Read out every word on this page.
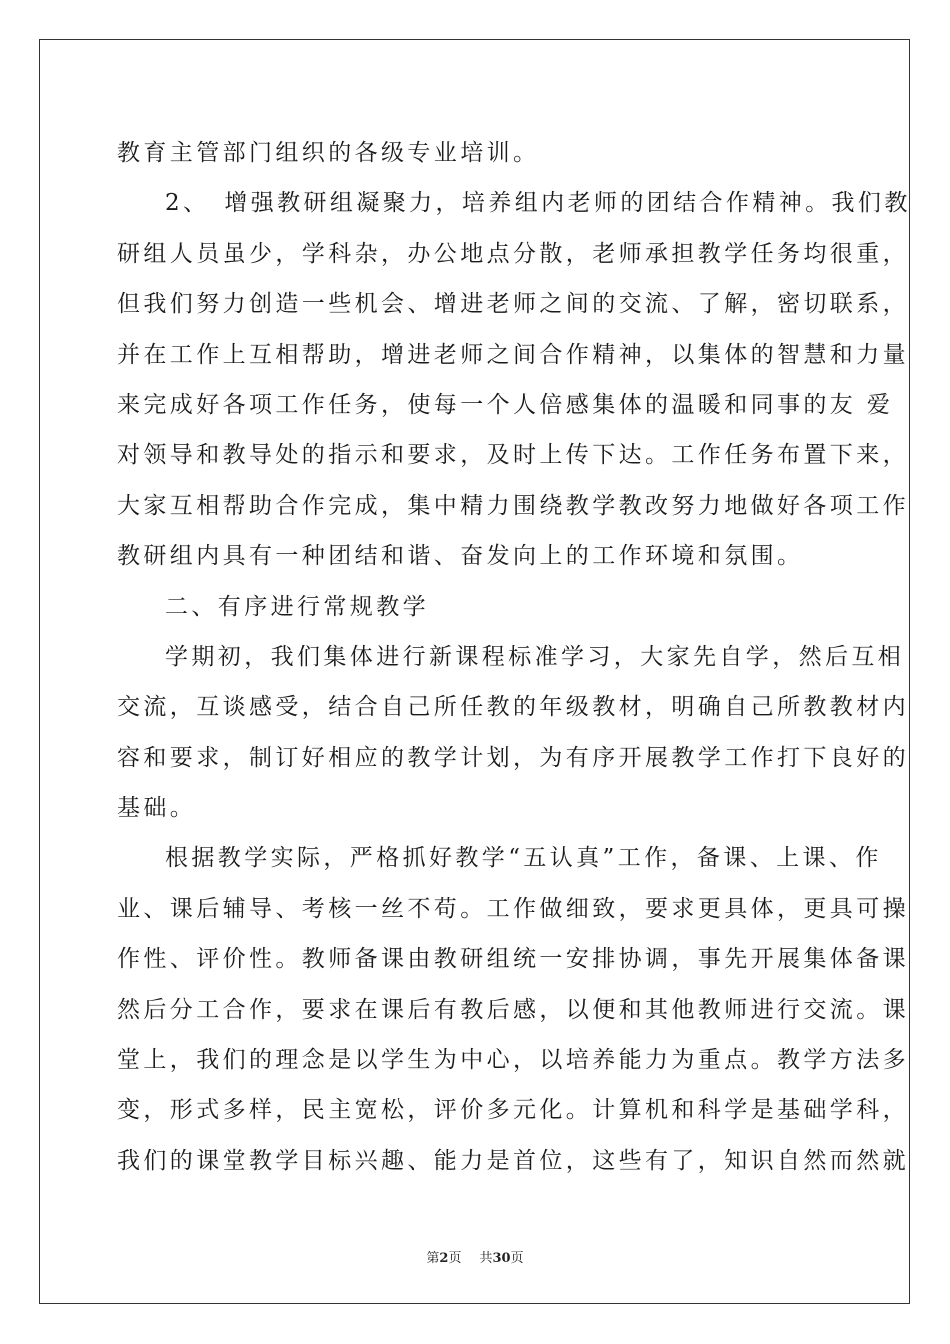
教育主管部门组织的各级专业培训。
2、　增强教研组凝聚力，培养组内老师的团结合作精神。我们教
研组人员虽少，学科杂，办公地点分散，老师承担教学任务均很重，
但我们努力创造一些机会、增进老师之间的交流、了解，密切联系，
并在工作上互相帮助，增进老师之间合作精神，以集体的智慧和力量
来完成好各项工作任务，使每一个人倍感集体的温暖和同事的友 爱
对领导和教导处的指示和要求，及时上传下达。工作任务布置下来，
大家互相帮助合作完成，集中精力围绕教学教改努力地做好各项工作
教研组内具有一种团结和谐、奋发向上的工作环境和氛围。
二、有序进行常规教学
学期初，我们集体进行新课程标准学习，大家先自学，然后互相
交流，互谈感受，结合自己所任教的年级教材，明确自己所教教材内
容和要求，制订好相应的教学计划，为有序开展教学工作打下良好的
基础。
根据教学实际，严格抓好教学“五认真”工作，备课、上课、作
业、课后辅导、考核一丝不苟。工作做细致，要求更具体，更具可操
作性、评价性。教师备课由教研组统一安排协调，事先开展集体备课
然后分工合作，要求在课后有教后感，以便和其他教师进行交流。课
堂上，我们的理念是以学生为中心，以培养能力为重点。教学方法多
变，形式多样，民主宽松，评价多元化。计算机和科学是基础学科，
我们的课堂教学目标兴趣、能力是首位，这些有了，知识自然而然就
第2页 共30页
